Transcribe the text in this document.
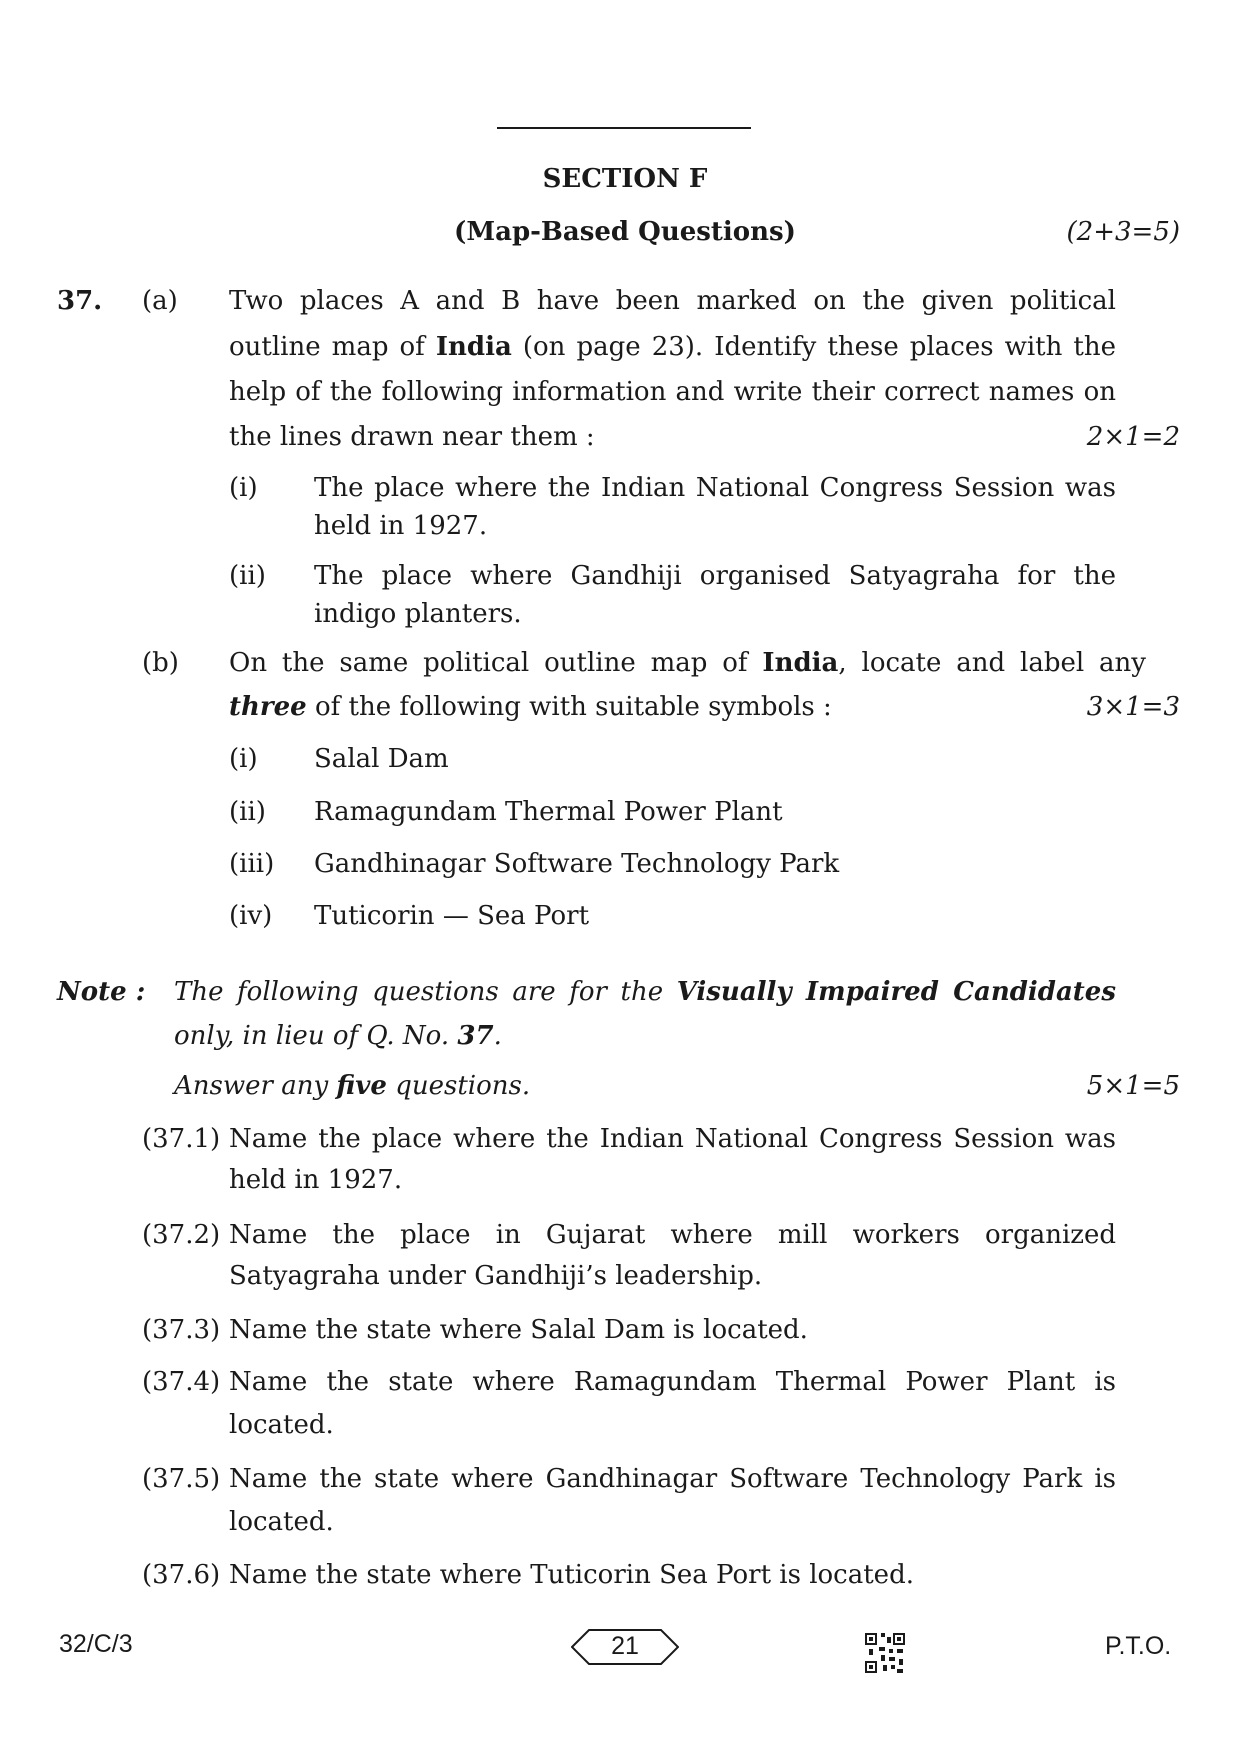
SECTION F
(Map-Based Questions)	(2+3=5)
37. (a) Two places A and B have been marked on the given political
outline map of India (on page 23). Identify these places with the
help of the following information and write their correct names on
the lines drawn near them :	2×1=2
(i) The place where the Indian National Congress Session was
held in 1927.
(ii) The place where Gandhiji organised Satyagraha for the
indigo planters.
(b) On the same political outline map of India, locate and label any
three of the following with suitable symbols :	3×1=3
(i) Salal Dam
(ii) Ramagundam Thermal Power Plant
(iii) Gandhinagar Software Technology Park
(iv) Tuticorin — Sea Port
Note : The following questions are for the Visually Impaired Candidates
only, in lieu of Q. No. 37.
Answer any five questions.	5×1=5
(37.1) Name the place where the Indian National Congress Session was
held in 1927.
(37.2) Name the place in Gujarat where mill workers organized
Satyagraha under Gandhiji’s leadership.
(37.3) Name the state where Salal Dam is located.
(37.4) Name the state where Ramagundam Thermal Power Plant is
located.
(37.5) Name the state where Gandhinagar Software Technology Park is
located.
(37.6) Name the state where Tuticorin Sea Port is located.
32/C/3	21	P.T.O.
